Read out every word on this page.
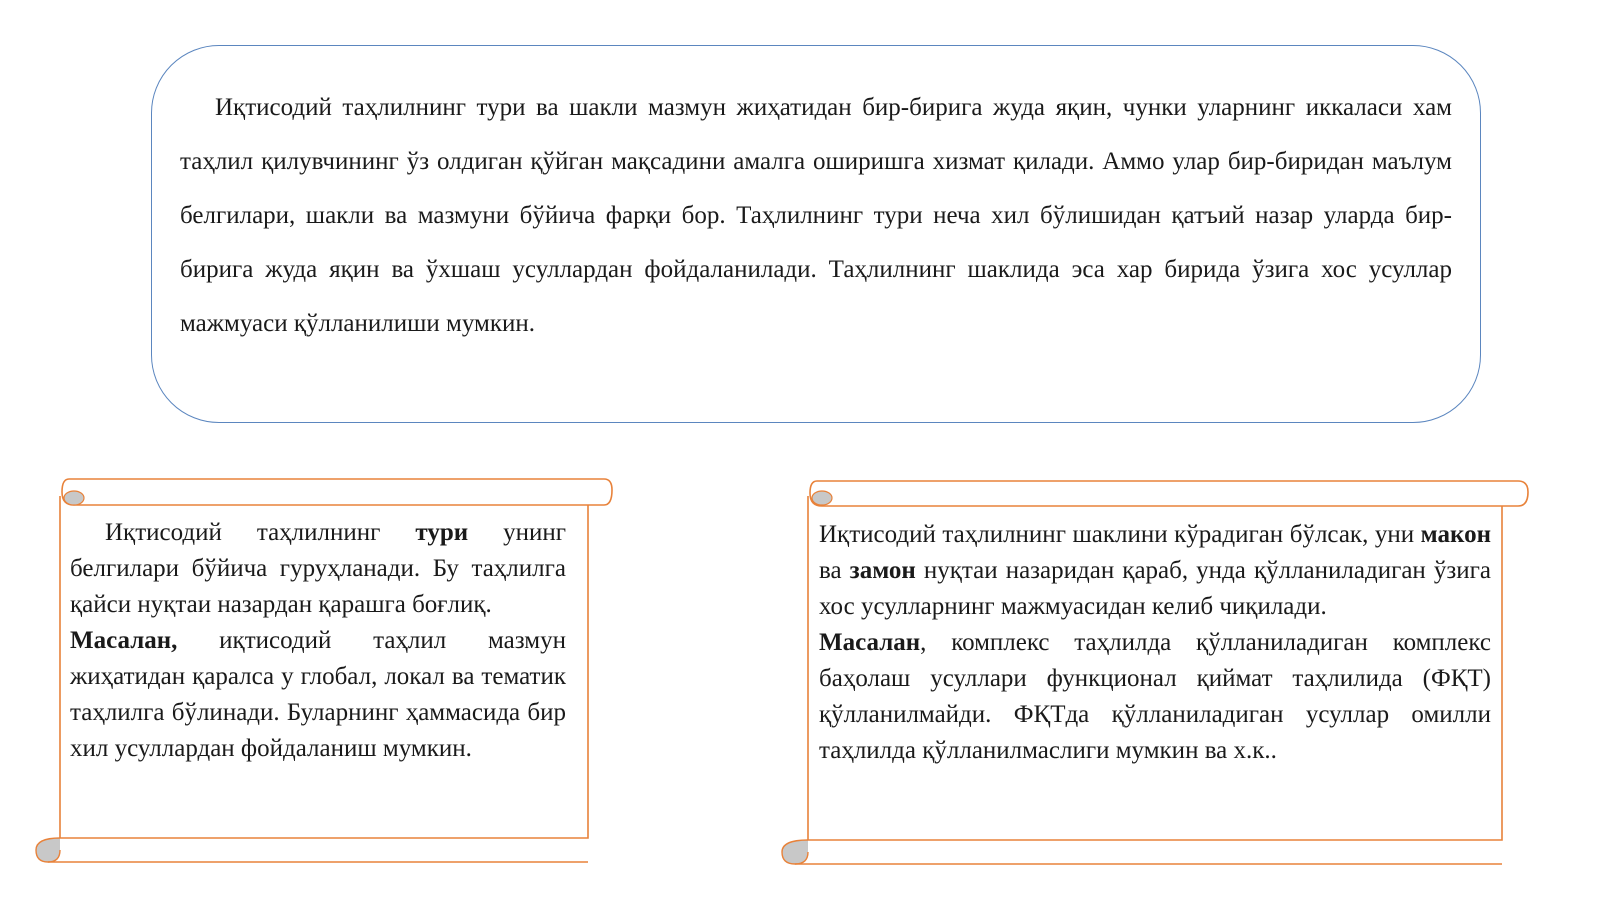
Иқтисодий таҳлилнинг тури ва шакли мазмун жиҳатидан бир-бирига жуда яқин, чунки уларнинг иккаласи хам таҳлил қилувчининг ўз олдиган қўйган мақсадини амалга оширишга хизмат қилади. Аммо улар бир-биридан маълум белгилари, шакли ва мазмуни бўйича фарқи бор. Таҳлилнинг тури неча хил бўлишидан қатъий назар уларда бир-бирига жуда яқин ва ўхшаш усуллардан фойдаланилади. Таҳлилнинг шаклида эса хар бирида ўзига хос усуллар мажмуаси қўлланилиши мумкин.

Иқтисодий таҳлилнинг тури унинг белгилари бўйича гуруҳланади. Бу таҳлилга қайси нуқтаи назардан қарашга боғлиқ.

Масалан, иқтисодий таҳлил мазмун жиҳатидан қаралса у глобал, локал ва тематик таҳлилга бўлинади. Буларнинг ҳаммасида бир хил усуллардан фойдаланиш мумкин.

Иқтисодий таҳлилнинг шаклини кўрадиган бўлсак, уни макон ва замон нуқтаи назаридан қараб, унда қўлланиладиган ўзига хос усулларнинг мажмуасидан келиб чиқилади.

Масалан, комплекс таҳлилда қўлланиладиган комплекс баҳолаш усуллари функционал қиймат таҳлилида (ФҚТ) қўлланилмайди. ФҚТда қўлланиладиган усуллар омилли таҳлилда қўлланилмаслиги мумкин ва х.к..
